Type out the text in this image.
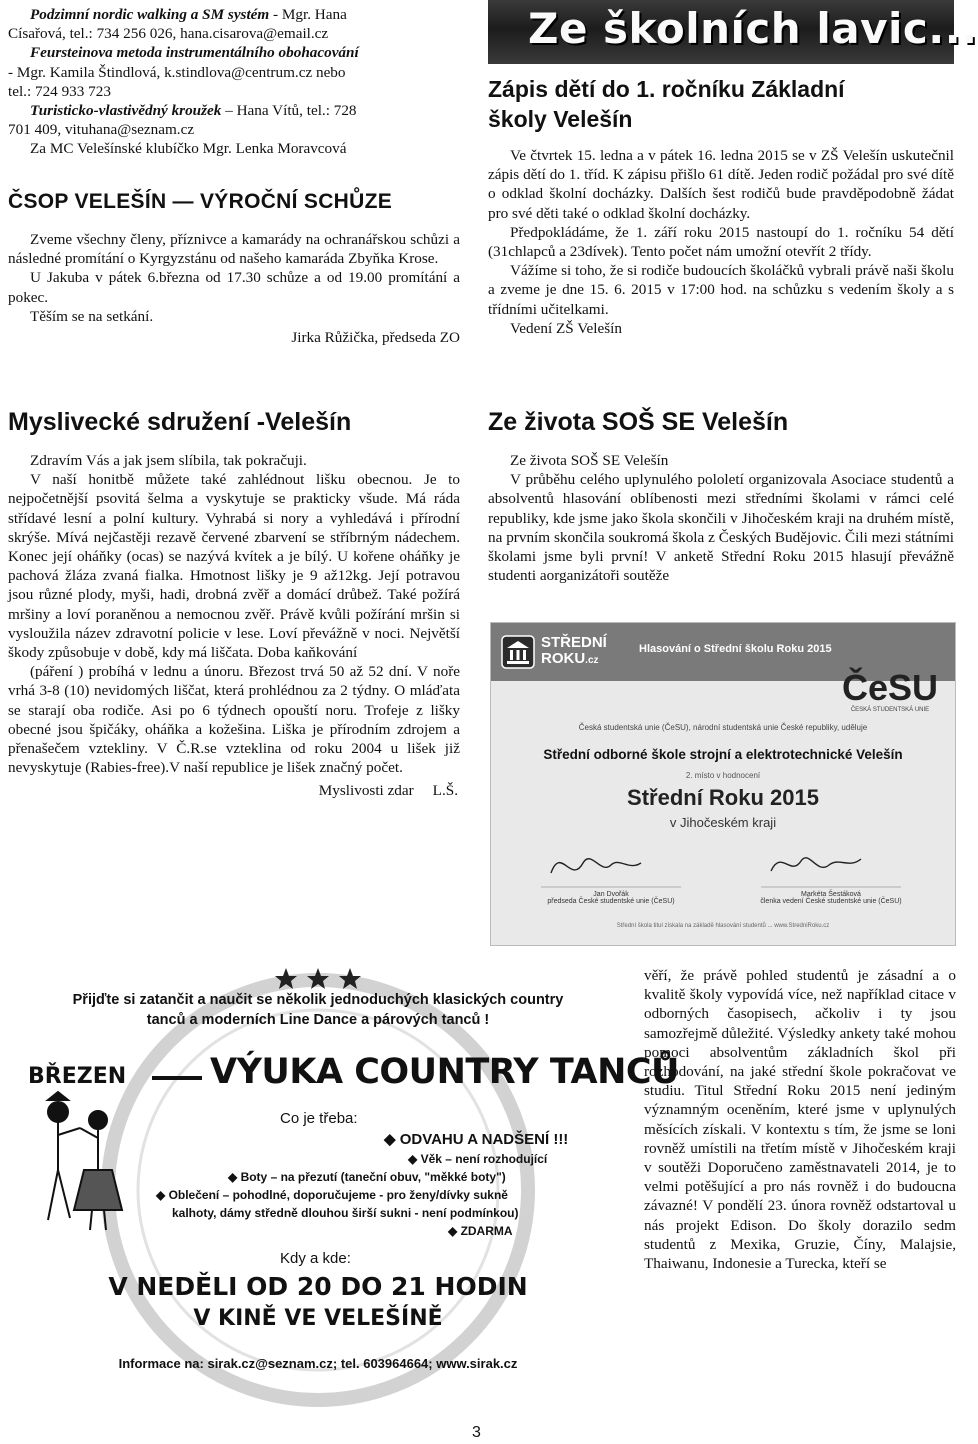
Podzimní nordic walking a SM systém - Mgr. Hana

Císařová, tel.: 734 256 026, hana.cisarova@email.cz

Feursteinova metoda instrumentálního obohacování

- Mgr. Kamila Štindlová, k.stindlova@centrum.cz nebo

tel.: 724 933 723

Turisticko-vlastivědný kroužek – Hana Vítů, tel.: 728

701 409, vituhana@seznam.cz

Za MC Velešínské klubíčko Mgr. Lenka Moravcová

ČSOP VELEŠÍN — VÝROČNÍ SCHŮZE

Zveme všechny členy, příznivce a kamarády na ochranářskou schůzi a následné promítání o Kyrgyzstánu od našeho kamaráda Zbyňka Krose.

U Jakuba v pátek 6.března od 17.30 schůze a od 19.00 promítání a pokec.

Těším se na setkání.

Jirka Růžička, předseda ZO

Myslivecké sdružení -Velešín

Zdravím Vás a jak jsem slíbila, tak pokračuji.

V naší honitbě můžete také zahlédnout lišku obecnou. Je to nejpočetnější psovitá šelma a vyskytuje se prakticky všude. Má ráda střídavé lesní a polní kultury. Vyhrabá si nory a vyhledává i přírodní skrýše. Mívá nejčastěji rezavě červené zbarvení se stříbrným nádechem. Konec její oháňky (ocas) se nazývá kvítek a je bílý. U kořene oháňky je pachová žláza zvaná fialka. Hmotnost lišky je 9 až12kg. Její potravou jsou různé plody, myši, hadi, drobná zvěř a domácí drůbež. Také požírá mršiny a loví poraněnou a nemocnou zvěř. Právě kvůli požírání mršin si vysloužila název zdravotní policie v lese. Loví převážně v noci. Největší škody způsobuje v době, kdy má liščata. Doba kaňkování

(páření ) probíhá v lednu a únoru. Březost trvá 50 až 52 dní. V noře vrhá 3-8 (10) nevidomých liščat, která prohlédnou za 2 týdny. O mláďata se starají oba rodiče. Asi po 6 týdnech opouští noru. Trofeje z lišky obecné jsou špičáky, oháňka a kožešina. Liška je přírodním zdrojem a přenašečem vztekliny. V Č.R.se vzteklina od roku 2004 u lišek již nevyskytuje (Rabies-free).V naší republice je lišek značný počet.

Myslivosti zdar     L.Š.

Ze školních lavic...
Zápis dětí do 1. ročníku Základní
školy Velešín

Ve čtvrtek 15. ledna a v pátek 16. ledna 2015 se v ZŠ Velešín uskutečnil zápis dětí do 1. tříd. K zápisu přišlo 61 dítě. Jeden rodič požádal pro své dítě o odklad školní docházky. Dalších šest rodičů bude pravděpodobně žádat pro své děti také o odklad školní docházky.

Předpokládáme, že 1. září roku 2015 nastoupí do 1. ročníku 54 dětí (31chlapců a 23dívek). Tento počet nám umožní otevřít 2 třídy.

Vážíme si toho, že si rodiče budoucích školáčků vybrali právě naši školu a zveme je dne 15. 6. 2015 v 17:00 hod. na schůzku s vedením školy a s třídními učitelkami.

Vedení ZŠ Velešín

Ze života SOŠ SE Velešín

Ze života SOŠ SE Velešín

V průběhu celého uplynulého pololetí organizovala Asociace studentů a absolventů hlasování oblíbenosti mezi středními školami v rámci celé republiky, kde jsme jako škola skončili v Jihočeském kraji na druhém místě, na prvním skončila soukromá škola z Českých Budějovic. Čili mezi státními školami jsme byli první! V anketě Střední Roku 2015 hlasují převážně studenti aorganizátoři soutěže

STŘEDNÍ
ROKU.cz
Hlasování o Střední školu Roku 2015
ČeSU
ČESKÁ STUDENTSKÁ UNIE
Česká studentská unie (ČeSU), národní studentská unie České republiky, uděluje
Střední odborné škole strojní a elektrotechnické Velešín
2. místo v hodnocení
Střední Roku 2015
v Jihočeském kraji
Jan Dvořák
předseda České studentské unie (ČeSU)
Markéta Šestáková
členka vedení České studentské unie (ČeSU)
Střední škola titul získala na základě hlasování studentů ... www.StredniRoku.cz
Přijďte si zatančit a naučit se několik jednoduchých klasických country
tanců a moderních Line Dance a párových tanců !
BŘEZEN VÝUKA COUNTRY TANCŮ
Co je třeba:
◆ ODVAHU A NADŠENÍ !!!
◆ Věk – není rozhodující
◆ Boty – na přezutí (taneční obuv, "měkké boty")
◆ Oblečení – pohodlné, doporučujeme - pro ženy/dívky sukně
kalhoty, dámy středně dlouhou širší sukni - není podmínkou)
◆ ZDARMA
Kdy a kde:
V NEDĚLI OD 20 DO 21 HODIN
V KINĚ VE VELEŠÍNĚ
Informace na: sirak.cz@seznam.cz; tel. 603964664; www.sirak.cz

věří, že právě pohled studentů je zásadní a o kvalitě školy vypovídá více, než například citace v odborných časopisech, ačkoliv i ty jsou samozřejmě důležité. Výsledky ankety také mohou pomoci absolventům základních škol při rozhodování, na jaké střední škole pokračovat ve studiu. Titul Střední Roku 2015 není jediným významným oceněním, které jsme v uplynulých měsících získali. V kontextu s tím, že jsme se loni rovněž umístili na třetím místě v Jihočeském kraji v soutěži Doporučeno zaměstnavateli 2014, je to velmi potěšující a pro nás rovněž i do budoucna závazné! V pondělí 23. února rovněž odstartoval u nás projekt Edison. Do školy dorazilo sedm studentů z Mexika, Gruzie, Číny, Malajsie, Thaiwanu, Indonesie a Turecka, kteří se

3
